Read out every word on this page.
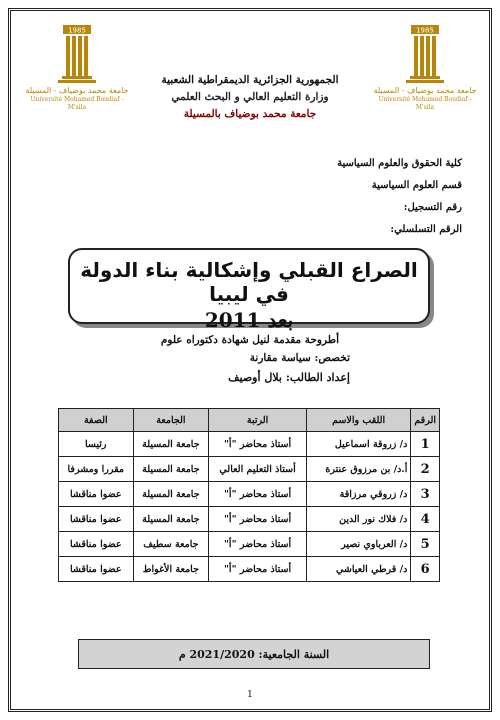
1985
جامعة محمد بوضياف - المسيلة
Université Mohamed Boudiaf - M'sila
1985
جامعة محمد بوضياف - المسيلة
Université Mohamed Boudiaf - M'sila
الجمهورية الجزائرية الديمقراطية الشعبية
وزارة التعليم العالي و البحث العلمي
جامعة محمد بوضياف بالمسيلة
كلية الحقوق والعلوم السياسية
قسم العلوم السياسية
رقم التسجيل:
الرقم التسلسلي:
الصراع القبلي وإشكالية بناء الدولة في ليبيا
بعد 2011
أطروحة مقدمة لنيل شهادة دكتوراه علوم
تخصص: سياسة مقارنة
إعداد الطالب: بلال أوصيف
الرقم	اللقب والاسم	الرتبة	الجامعة	الصفة
1	د/ زروقة اسماعيل	أستاذ محاضر "أ"	جامعة المسيلة	رئيسا
2	أ.د/ بن مرزوق عنترة	أستاذ التعليم العالي	جامعة المسيلة	مقررا ومشرفا
3	د/ زروقي مرزاقة	أستاذ محاضر "أ"	جامعة المسيلة	عضوا مناقشا
4	د/ فلاك نور الدين	أستاذ محاضر "أ"	جامعة المسيلة	عضوا مناقشا
5	د/ العرباوي نصير	أستاذ محاضر "أ"	جامعة سطيف	عضوا مناقشا
6	د/ قرطي العياشي	أستاذ محاضر "أ"	جامعة الأغواط	عضوا مناقشا
السنة الجامعية: 2021/2020 م
1
